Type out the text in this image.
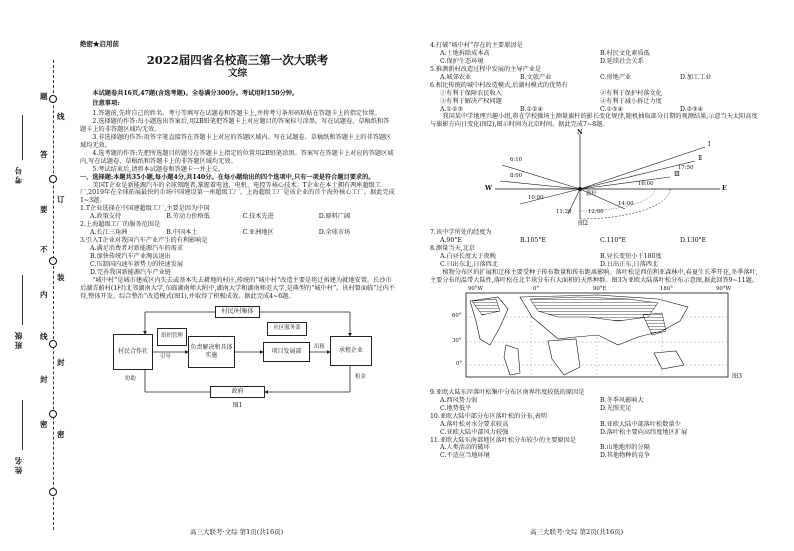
线
订
装
封
密
题
答
要
不
内
线
封
密
考号
班级
姓名
绝密★启用前
2022届四省名校高三第一次大联考
文综
本试题卷共16页,47题(含选考题)。全卷满分300分。考试用时150分钟。
注意事项:
1.答题前,先将自己的姓名、考号等填写在试题卷和答题卡上,并将考号条形码粘贴在答题卡上的指定位置。
2.选择题的作答:每小题选出答案后,用2B铅笔把答题卡上对应题目的答案标号涂黑。写在试题卷、草稿纸和答题卡上的非答题区域均无效。
3.非选择题的作答:用签字笔直接答在答题卡上对应的答题区域内。写在试题卷、草稿纸和答题卡上的非答题区域均无效。
4.选考题的作答:先把所选题目的题号在答题卡上指定的位置用2B铅笔涂黑。答案写在答题卡上对应的答题区域内,写在试题卷、草稿纸和答题卡上的非答题区域均无效。
5.考试结束后,请将本试题卷和答题卡一并上交。
一、选择题:本题共35小题,每小题4分,共140分。在每小题给出的四个选项中,只有一项是符合题目要求的。
美国T企业是新能源汽车的全球领跑者,掌握着电池、电机、电控等核心技术。T企业在本土拥有两座超级工厂,2019年在全球拓展最快的市场中国建设第一座超级工厂。上海超级工厂是该企业的首个海外核心工厂。据此完成1~3题。
1.T企业选择在中国建超级工厂,主要是因为中国
A.政策支持	B.劳动力价格低	C.技术先进	D.原料广阔
2.上海超级工厂的服务范围是
A.长江三角洲	B.中国本土	C.亚洲地区	D.全球市场
3.引入T企业对我国汽车产业产生的有利影响是
A.满足消费者对新能源汽车的需求
B.加快传统汽车产业淘汰退出
C.压制国内速车新势力的快速发展
D.完善我国新能源汽车产业链
“城中村”是城市建成区内失去或基本失去耕地的村庄,传统的“城中村”改造主要是将迁拆建为就地安置。长沙市后湖青蔚村(1村)北邻湖南大学,东临湖南师大附中,湖南大学和湖南师范大学,是典型的“城中村”。该村曾面临“过内不得,整体开发、综合整治”改造模式(图1),并取得了积极成效。据此完成4~6题。
村民/村集体
村民合作社
组织管理
负责解决和具体实施
项目发展部
社区服务部
承租企业
政府
出租
引导
租金
协助
图1
高三大联考·文综 第1页(共16页)
4.打破“城中村”存在的主要原因是
A.土地拆除成本高	B.村民文化素质低
C.保护生态环境	D.延续社会关系
5.推测新村改造过程中发展的主导产业是
A.城郊农业	B.文旅产业	C.房地产业	D.加工工业
6.相比传统的城中村改造模式,后湖村模式的优势有
①有利于保障农民收入	②有利于保护村落文化
③有利于解决产权问题	④有利于减小拆迁力度
A.①②③	B.①②④	C.①③④	D.②③④
我国某中学地理兴趣小组,将在学校操场上测量旗杆的影长变化规律,随机抽取部分日期的观测结果,示意当天太阳高度与旗影方向日变化(图2),图示时间为北京时间。据此完成7~8题。
N
W	E
Ⅰ
Ⅱ
Ⅲ
旗杆
17:50
16:00
14:00
12:00
11:20
10:00
8:00
6:10
图2
7.该中学所处的经度为
A.90°E	B.105°E	C.110°E	D.130°E
8.测量当天,北京
A.白昼长度大于夜晚	B.昼长变短小于180度
C.日出东北,日落西北	D.日出正东,日落西北
植物分布区的扩展和迁移主要受种子传布数量和传布距离影响。落叶松是西伯利亚森林中,春夏生长季开花,冬季落叶,主要分布的温带大陆性,落叶松在北半球分布有大面积的天然种群。图3为亚欧大陆落叶松分布示意图,据此回答9~11题。
90°W	0°	90°E	180°	90°W
60°
30°
0°
图3
9.亚欧大陆东岸落叶松集中分布区南界纬度较低的原因是
A.西风势力弱	B.冬季风影响大
C.地势低平	D.光照充足
10.亚欧大陆中部分布区落叶松的分布,表明
A.落叶松对水分要求较高	B.亚欧大陆中部落叶松数量少
C.亚欧大陆中部风力较强	D.落叶松主要向高纬度地区扩展
11.亚欧大陆东南部地区落叶松分布较少的主要原因是
A.人类活动的破坏	B.山地地形的分隔
C.不适应当地环境	D.其他物种的竞争
高三大联考·文综 第2页(共16页)
